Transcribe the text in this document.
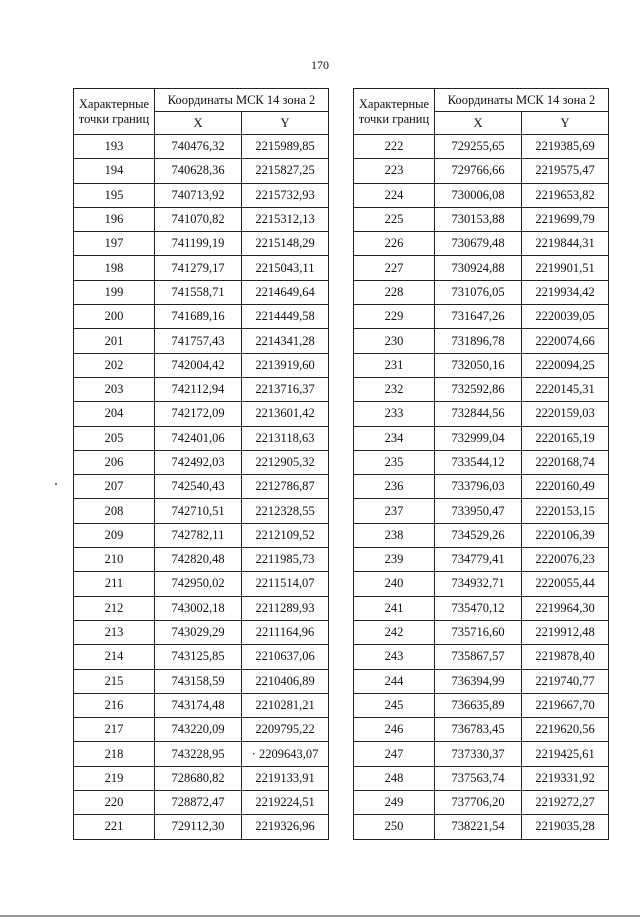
170
Характерные точки границ	Координаты МСК 14 зона 2	
	X	Y
193	740476,32	2215989,85
194	740628,36	2215827,25
195	740713,92	2215732,93
196	741070,82	2215312,13
197	741199,19	2215148,29
198	741279,17	2215043,11
199	741558,71	2214649,64
200	741689,16	2214449,58
201	741757,43	2214341,28
202	742004,42	2213919,60
203	742112,94	2213716,37
204	742172,09	2213601,42
205	742401,06	2213118,63
206	742492,03	2212905,32
207	742540,43	2212786,87
208	742710,51	2212328,55
209	742782,11	2212109,52
210	742820,48	2211985,73
211	742950,02	2211514,07
212	743002,18	2211289,93
213	743029,29	2211164,96
214	743125,85	2210637,06
215	743158,59	2210406,89
216	743174,48	2210281,21
217	743220,09	2209795,22
218	743228,95	· 2209643,07
219	728680,82	2219133,91
220	728872,47	2219224,51
221	729112,30	2219326,96
Характерные точки границ	Координаты МСК 14 зона 2	
	X	Y
222	729255,65	2219385,69
223	729766,66	2219575,47
224	730006,08	2219653,82
225	730153,88	2219699,79
226	730679,48	2219844,31
227	730924,88	2219901,51
228	731076,05	2219934,42
229	731647,26	2220039,05
230	731896,78	2220074,66
231	732050,16	2220094,25
232	732592,86	2220145,31
233	732844,56	2220159,03
234	732999,04	2220165,19
235	733544,12	2220168,74
236	733796,03	2220160,49
237	733950,47	2220153,15
238	734529,26	2220106,39
239	734779,41	2220076,23
240	734932,71	2220055,44
241	735470,12	2219964,30
242	735716,60	2219912,48
243	735867,57	2219878,40
244	736394,99	2219740,77
245	736635,89	2219667,70
246	736783,45	2219620,56
247	737330,37	2219425,61
248	737563,74	2219331,92
249	737706,20	2219272,27
250	738221,54	2219035,28
